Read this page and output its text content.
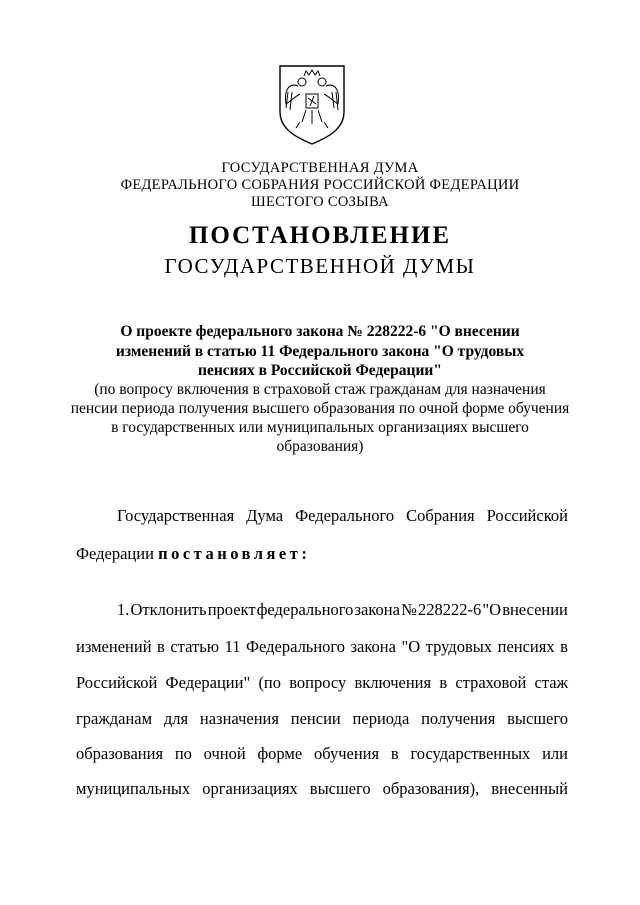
ГОСУДАРСТВЕННАЯ ДУМА
ФЕДЕРАЛЬНОГО СОБРАНИЯ РОССИЙСКОЙ ФЕДЕРАЦИИ
ШЕСТОГО СОЗЫВА
ПОСТАНОВЛЕНИЕ
ГОСУДАРСТВЕННОЙ ДУМЫ
О проекте федерального закона № 228222-6 "О внесении
изменений в статью 11 Федерального закона "О трудовых
пенсиях в Российской Федерации"
(по вопросу включения в страховой стаж гражданам для назначения
пенсии периода получения высшего образования по очной форме обучения
в государственных или муниципальных организациях высшего
образования)
Государственная Дума Федерального Собрания Российской
Федерации постановляет:
1. Отклонить проект федерального закона № 228222-6 "О внесении
изменений в статью 11 Федерального закона "О трудовых пенсиях в
Российской Федерации" (по вопросу включения в страховой стаж
гражданам для назначения пенсии периода получения высшего
образования по очной форме обучения в государственных или
муниципальных организациях высшего образования), внесенный
